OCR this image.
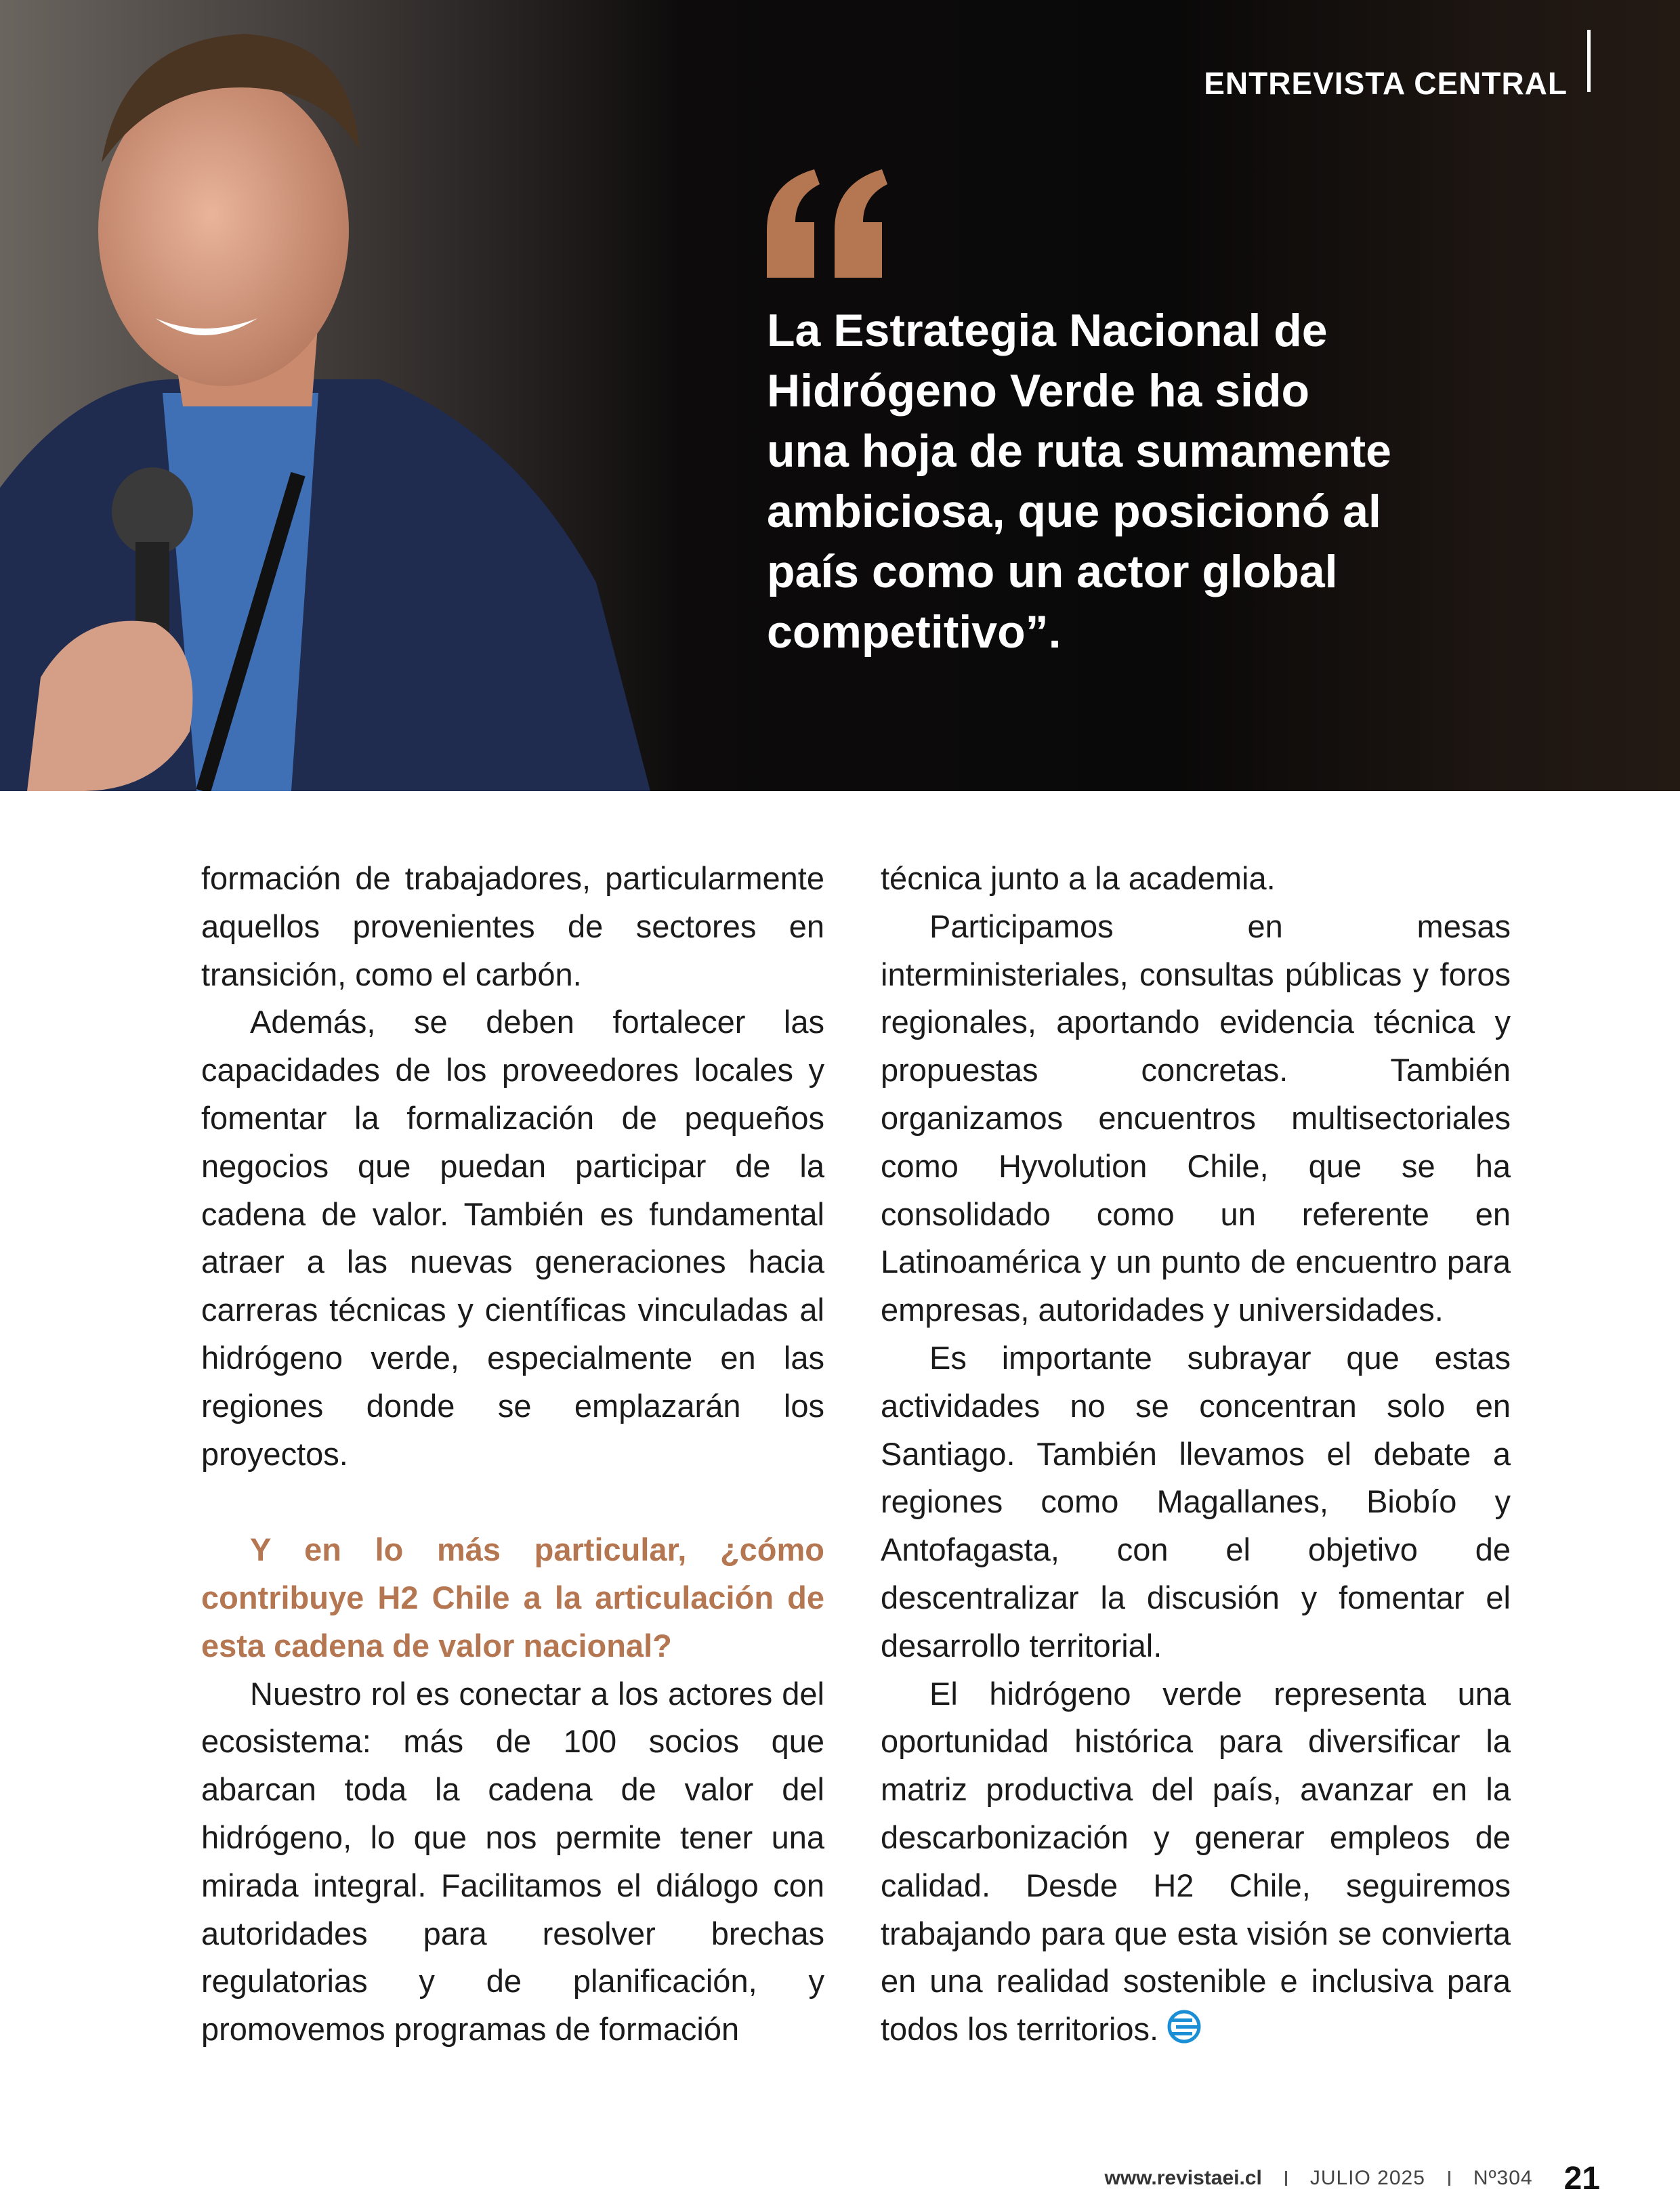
ENTREVISTA CENTRAL

La Estrategia Nacional de
Hidrógeno Verde ha sido
una hoja de ruta sumamente
ambiciosa, que posicionó al
país como un actor global
competitivo”.

formación de trabajadores, particularmente aquellos provenientes de sectores en transición, como el carbón.

Además, se deben fortalecer las capacidades de los proveedores locales y fomentar la formalización de pequeños negocios que puedan participar de la cadena de valor. También es fundamental atraer a las nuevas generaciones hacia carreras técnicas y científicas vinculadas al hidrógeno verde, especialmente en las regiones donde se emplazarán los proyectos.

Y en lo más particular, ¿cómo contribuye H2 Chile a la articulación de esta cadena de valor nacional?

Nuestro rol es conectar a los actores del ecosistema: más de 100 socios que abarcan toda la cadena de valor del hidrógeno, lo que nos permite tener una mirada integral. Facilitamos el diálogo con autoridades para resolver brechas regulatorias y de planificación, y promovemos programas de formación

técnica junto a la academia.

Participamos en mesas interministeriales, consultas públicas y foros regionales, aportando evidencia técnica y propuestas concretas. También organizamos encuentros multisectoriales como Hyvolution Chile, que se ha consolidado como un referente en Latinoamérica y un punto de encuentro para empresas, autoridades y universidades.

Es importante subrayar que estas actividades no se concentran solo en Santiago. También llevamos el debate a regiones como Magallanes, Biobío y Antofagasta, con el objetivo de descentralizar la discusión y fomentar el desarrollo territorial.

El hidrógeno verde representa una oportunidad histórica para diversificar la matriz productiva del país, avanzar en la descarbonización y generar empleos de calidad. Desde H2 Chile, seguiremos trabajando para que esta visión se convierta en una realidad sostenible e inclusiva para todos los territorios.

www.revistaei.cl JULIO 2025 Nº304 21
